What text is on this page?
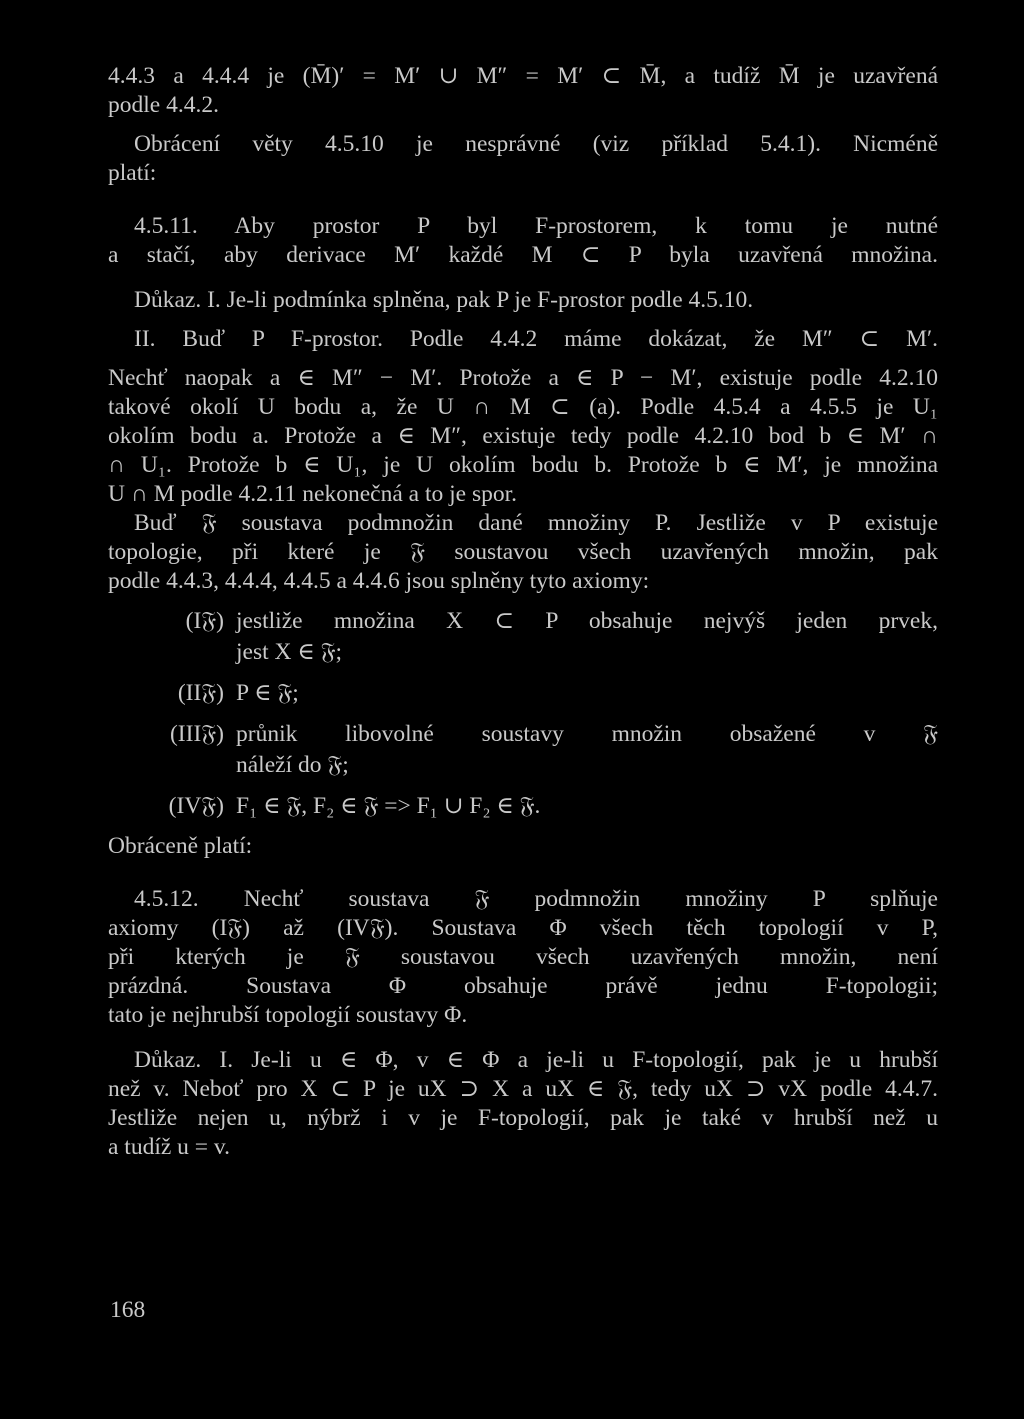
4.4.3 a 4.4.4 je (M̄)′ = M′ ∪ M″ = M′ ⊂ M̄, a tudíž M̄ je uzavřená
podle 4.4.2.
Obrácení věty 4.5.10 je nesprávné (viz příklad 5.4.1). Nicméně
platí:
4.5.11. Aby prostor P byl F-prostorem, k tomu je nutné
a stačí, aby derivace M′ každé M ⊂ P byla uzavřená množina.
Důkaz. I. Je-li podmínka splněna, pak P je F-prostor podle 4.5.10.
II. Buď P F-prostor. Podle 4.4.2 máme dokázat, že M″ ⊂ M′.
Nechť naopak a ∈ M″ − M′. Protože a ∈ P − M′, existuje podle 4.2.10
takové okolí U bodu a, že U ∩ M ⊂ (a). Podle 4.5.4 a 4.5.5 je U₁
okolím bodu a. Protože a ∈ M″, existuje tedy podle 4.2.10 bod b ∈ M′ ∩
∩ U₁. Protože b ∈ U₁, je U okolím bodu b. Protože b ∈ M′, je množina
U ∩ M podle 4.2.11 nekonečná a to je spor.
Buď 𝔉 soustava podmnožin dané množiny P. Jestliže v P existuje
topologie, při které je 𝔉 soustavou všech uzavřených množin, pak
podle 4.4.3, 4.4.4, 4.4.5 a 4.4.6 jsou splněny tyto axiomy:
(I𝔉) jestliže množina X ⊂ P obsahuje nejvýš jeden prvek,
jest X ∈ 𝔉;
(II𝔉) P ∈ 𝔉;
(III𝔉) průnik libovolné soustavy množin obsažené v 𝔉
náleží do 𝔉;
(IV𝔉) F₁ ∈ 𝔉, F₂ ∈ 𝔉 => F₁ ∪ F₂ ∈ 𝔉.
Obráceně platí:
4.5.12. Nechť soustava 𝔉 podmnožin množiny P splňuje
axiomy (I𝔉) až (IV𝔉). Soustava Φ všech těch topologií v P,
při kterých je 𝔉 soustavou všech uzavřených množin, není
prázdná. Soustava Φ obsahuje právě jednu F-topologii;
tato je nejhrubší topologií soustavy Φ.
Důkaz. I. Je-li u ∈ Φ, v ∈ Φ a je-li u F-topologií, pak je u hrubší
než v. Neboť pro X ⊂ P je uX ⊃ X a uX ∈ 𝔉, tedy uX ⊃ vX podle 4.4.7.
Jestliže nejen u, nýbrž i v je F-topologií, pak je také v hrubší než u
a tudíž u = v.
168
